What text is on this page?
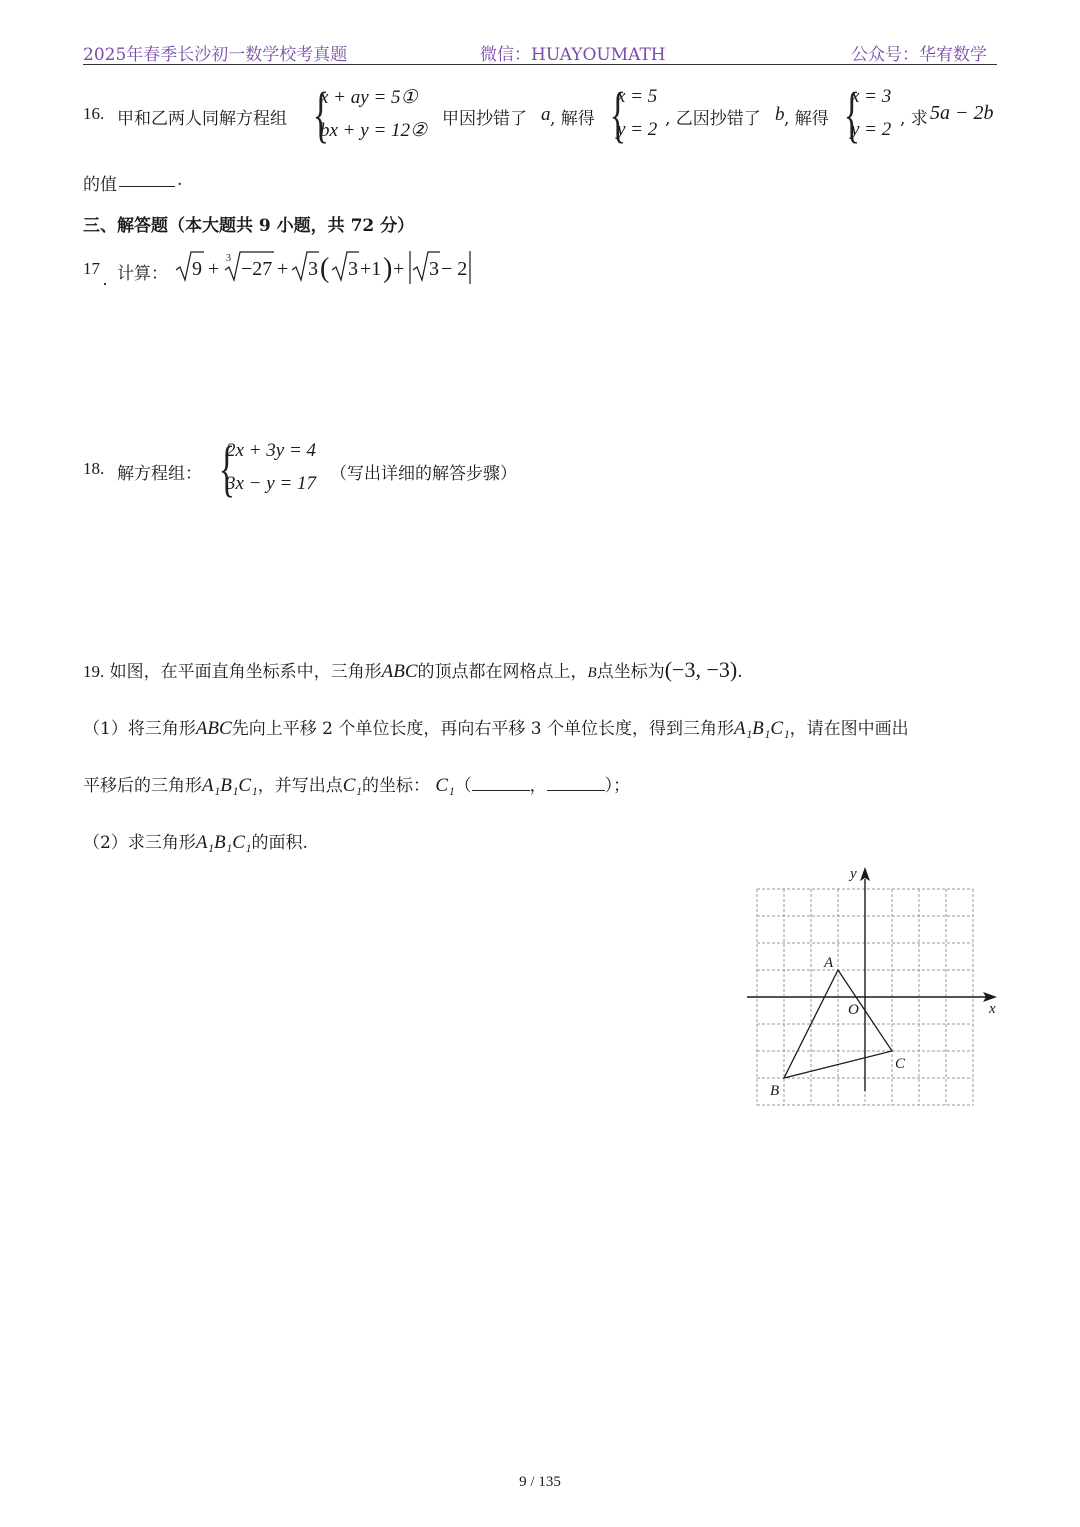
2025年春季长沙初一数学校考真题	微信：HUAYOUMATH	公众号：华宥数学
16. 甲和乙两人同解方程组 {
x + ay = 5①
bx + y = 12②
甲因抄错了 a , 解得 {
x = 5
y = 2 , 乙因抄错了 b , 解得 {
x = 3
y = 2 , 求 5a − 2b
的值	.
三、解答题（本大题共 9 小题，共 72 分）
17 计算： 9 + 3 −27 + 3 ( 3 +1 ) + 3 − 2
18. 解方程组： {
2x + 3y = 4
3x − y = 17 （写出详细的解答步骤）
19. 如图，在平面直角坐标系中，三角形ABC的顶点都在网格点上，B点坐标为(−3, −3).
（1）将三角形ABC先向上平移 2 个单位长度，再向右平移 3 个单位长度，得到三角形A₁B₁C₁，请在图中画出
平移后的三角形A₁B₁C₁，并写出点C₁的坐标： C₁（	，	）；
（2）求三角形A₁B₁C₁的面积.
x
y
O
A
B
C
9 / 135
